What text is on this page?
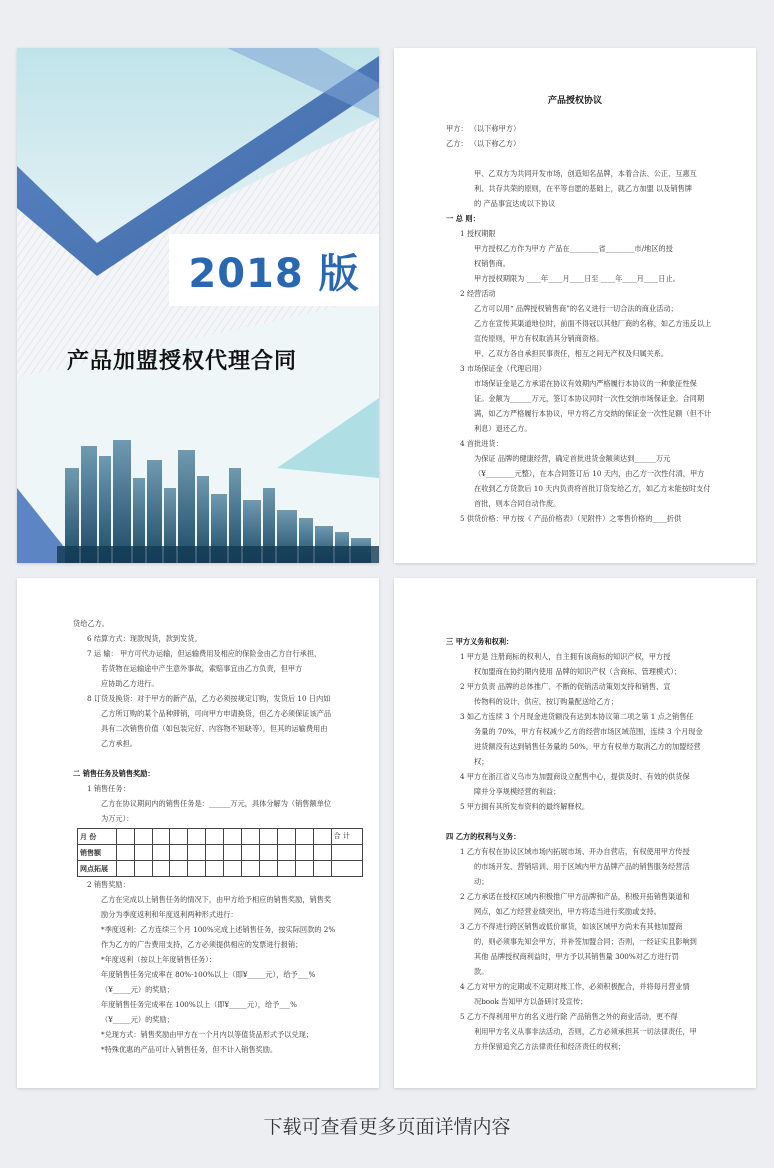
2018 版
产品加盟授权代理合同
产品授权协议

甲方： （以下称甲方）

乙方： （以下称乙方）

甲、乙双方为共同开发市场，创造知名品牌，本着合法、公正、互惠互

利、共存共荣的原则，在平等自愿的基础上，就乙方加盟 以及销售牌

的 产品事宜达成以下协议

一 总 则：

1 授权期限

甲方授权乙方作为甲方 产品在________省________市/地区的授

权销售商。

甲方授权期限为 ____年____月____日至 ____年____月____日止。

2 经营活动

乙方可以用“ 品牌授权销售商”的名义进行一切合法的商业活动；

乙方在宣传其渠道地位时，前面不得冠以其他厂商的名称，如乙方违反以上

宣传原则，甲方有权取消其分销商资格。

甲、乙双方各自承担民事责任，相互之间无产权及归属关系。

3 市场保证金（代理启用）

市场保证金是乙方承诺在协议有效期内严格履行本协议的一种象征性保

证。金额为______万元，签订本协议同时一次性交纳市场保证金。合同期

满，如乙方严格履行本协议，甲方将乙方交纳的保证金一次性足额（但不计

利息）退还乙方。

4 首批进货：

为保证 品牌的健康经营，确定首批进货金额须达到______万元

（¥________元整），在本合同签订后 10 天内，由乙方一次性付清，甲方

在收到乙方货款后 10 天内负责将首批订货发给乙方，如乙方未能按时支付

首批，则本合同自动作废。

5 供货价格：甲方按《 产品价格表》（见附件）之零售价格的____折供

货给乙方。

6 结算方式：现款现货，款到发货。

7 运 输： 甲方可代办运输，但运输费用及相应的保险金由乙方自行承担，

若货物在运输途中产生意外事故，索赔事宜由乙方负责，但甲方

应协助乙方进行。

8 订货及换货：对于甲方的新产品，乙方必须按规定订购，发货后 10 日内如

乙方所订购的某个品种滞销，可向甲方申请换货，但乙方必须保证该产品

具有二次销售价值（如包装完好、内容物不短缺等），但其的运输费用由

乙方承担。

二 销售任务及销售奖励：

1 销售任务：

乙方在协议期间内的销售任务是：______万元，具体分解为（销售额单位

为万元）：

月 份													合 计
销售额													
网点拓展													

2 销售奖励：

乙方在完成以上销售任务的情况下，由甲方给予相应的销售奖励，销售奖

励分为季度返利和年度返利两种形式进行：

*季度返利：乙方连续三个月 100%完成上述销售任务，按实际回款的 2%

作为乙方的广告费用支持，乙方必须提供相应的发票进行报销；

*年度返利（按以上年度销售任务）：

年度销售任务完成率在 80%-100%以上（即¥_____元），给予___%

（¥_____元）的奖励；

年度销售任务完成率在 100%以上（即¥_____元），给予___%

（¥_____元）的奖励；

*兑现方式：销售奖励由甲方在一个月内以等值货品形式予以兑现；

*特殊优惠的产品可计入销售任务，但不计入销售奖励。

三 甲方义务和权利：

1 甲方是 注册商标的权利人，自主拥有该商标的知识产权，甲方授

权加盟商在协约期内使用 品牌的知识产权（含商标、管理模式）；

2 甲方负责 品牌的总体推广、不断的促销活动策划支持和销售、宣

传物料的设计、供应，按订购量配送给乙方；

3 如乙方连续 3 个月现金进货额没有达到本协议第二项之第 1 点之销售任

务量的 70%，甲方有权减少乙方的经营市场区域范围，连续 3 个月现金

进货额没有达到销售任务量的 50%，甲方有权单方取消乙方的加盟经营

权；

4 甲方在浙江省义乌市为加盟商设立配售中心，提供及时、有效的供货保

障并分享规模经营的利益；

5 甲方拥有其所发布资料的最终解释权。

四 乙方的权利与义务：

1 乙方有权在协议区域市场内拓展市场、开办自营店，有权使用甲方传授

的市场开发、营销培训、用于区域内甲方品牌产品的销售服务经营活

动；

2 乙方承诺在授权区域内积极推广甲方品牌和产品，积极开拓销售渠道和

网点，如乙方经营业绩突出，甲方将适当进行奖励或支持。

3 乙方不得进行跨区销售或低价窜货，如该区域甲方尚未有其他加盟商

的，则必须事先知会甲方，并补签加盟合同；否则，一经证实且影响到

其他 品牌授权商利益时，甲方予以其销售量 300%对乙方进行罚

款。

4 乙方对甲方的定期或不定期对账工作，必须积极配合，并将每月营业情

况book 告知甲方以备研讨及宣传；

5 乙方不得利用甲方的名义进行除 产品销售之外的商业活动，更不得

利用甲方名义从事非法活动，否则，乙方必须承担其一切法律责任，甲

方并保留追究乙方法律责任和经济责任的权利；

下载可查看更多页面详情内容
